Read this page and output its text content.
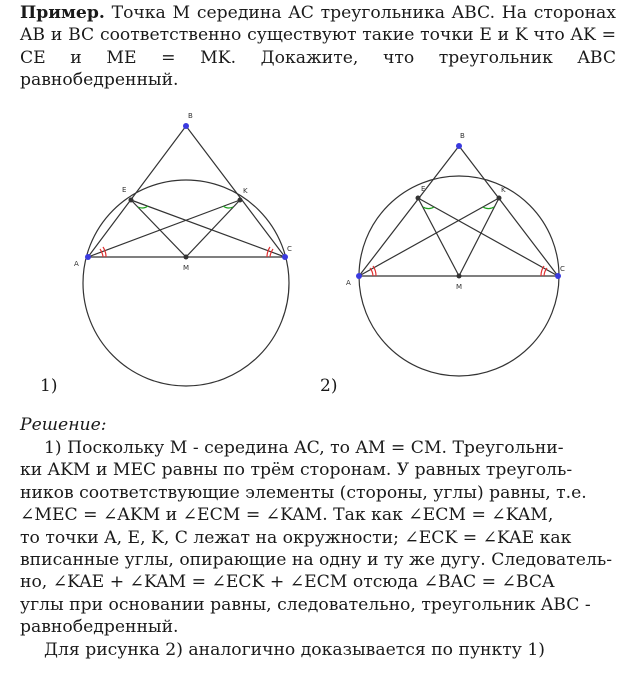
Пример. Точка M середина AC треугольника ABC. На сторонах AB и BC соответственно существуют такие точки E и K что AK = CE и ME = MK. Докажите, что треугольник ABC равнобедренный.
A
B
C
E	K
M
A
B
C
E	K
M
1)	2)
Решение:
1) Поскольку M - середина AC, то AM = CM. Треугольни-
ки AKM и MEC равны по трём сторонам. У равных треуголь-
ников соответствующие элементы (стороны, углы) равны, т.е.
∠MEC = ∠AKM и ∠ECM = ∠KAM. Так как ∠ECM = ∠KAM,
то точки A, E, K, C лежат на окружности; ∠ECK = ∠KAE как
вписанные углы, опирающие на одну и ту же дугу. Следователь-
но, ∠KAE + ∠KAM = ∠ECK + ∠ECM отсюда ∠BAC = ∠BCA
углы при основании равны, следовательно, треугольник ABC -
равнобедренный.
Для рисунка 2) аналогично доказывается по пункту 1)
